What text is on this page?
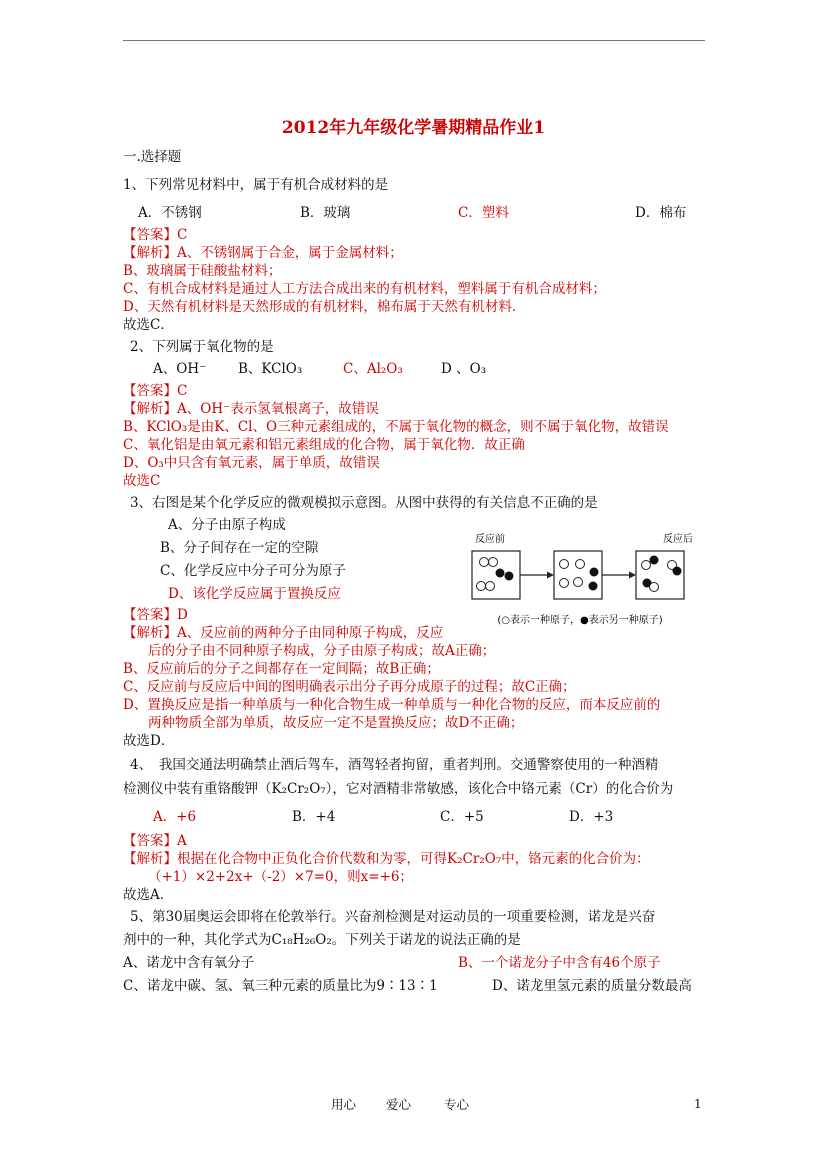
2012年九年级化学暑期精品作业1
一.选择题
1、下列常见材料中，属于有机合成材料的是
A．不锈钢	B．玻璃	C．塑料	D．棉布
【答案】C
【解析】A、不锈钢属于合金，属于金属材料；
B、玻璃属于硅酸盐材料；
C、有机合成材料是通过人工方法合成出来的有机材料，塑料属于有机合成材料；
D、天然有机材料是天然形成的有机材料，棉布属于天然有机材料．
故选C．
2、下列属于氧化物的是
A、OH⁻ B、KClO₃	C、Al₂O₃	D 、O₃
【答案】C
【解析】A、OH⁻表示氢氧根离子，故错误
B、KClO₃是由K、Cl、O三种元素组成的，不属于氧化物的概念，则不属于氧化物，故错误
C、氧化铝是由氧元素和铝元素组成的化合物，属于氧化物．故正确
D、O₃中只含有氧元素，属于单质，故错误
故选C
3、右图是某个化学反应的微观模拟示意图。从图中获得的有关信息不正确的是
A、分子由原子构成
B、分子间存在一定的空隙
C、化学反应中分子可分为原子
D、该化学反应属于置换反应
【答案】D
【解析】A、反应前的两种分子由同种原子构成，反应
后的分子由不同种原子构成，分子由原子构成；故A正确；
B、反应前后的分子之间都存在一定间隔；故B正确；
C、反应前与反应后中间的图明确表示出分子再分成原子的过程；故C正确；
D、置换反应是指一种单质与一种化合物生成一种单质与一种化合物的反应，而本反应前的
两种物质全部为单质，故反应一定不是置换反应；故D不正确；
故选D．
反应前	反应后
(○表示一种原子，●表示另一种原子)
4、　我国交通法明确禁止酒后驾车，酒驾轻者拘留，重者判刑。交通警察使用的一种酒精
检测仪中装有重铬酸钾（K₂Cr₂O₇），它对酒精非常敏感，该化合中铬元素（Cr）的化合价为
A．+6	B．+4	C．+5	D．+3
【答案】A
【解析】根据在化合物中正负化合价代数和为零，可得K₂Cr₂O₇中，铬元素的化合价为：
（+1）×2+2x+（-2）×7=0，则x=+6；
故选A．
5、第30届奥运会即将在伦敦举行。兴奋剂检测是对运动员的一项重要检测，诺龙是兴奋
剂中的一种，其化学式为C₁₈H₂₆O₂。下列关于诺龙的说法正确的是
A、诺龙中含有氧分子	B、一个诺龙分子中含有46个原子
C、诺龙中碳、氢、氧三种元素的质量比为9∶13∶1	D、诺龙里氢元素的质量分数最高
用心 爱心	专心	1
